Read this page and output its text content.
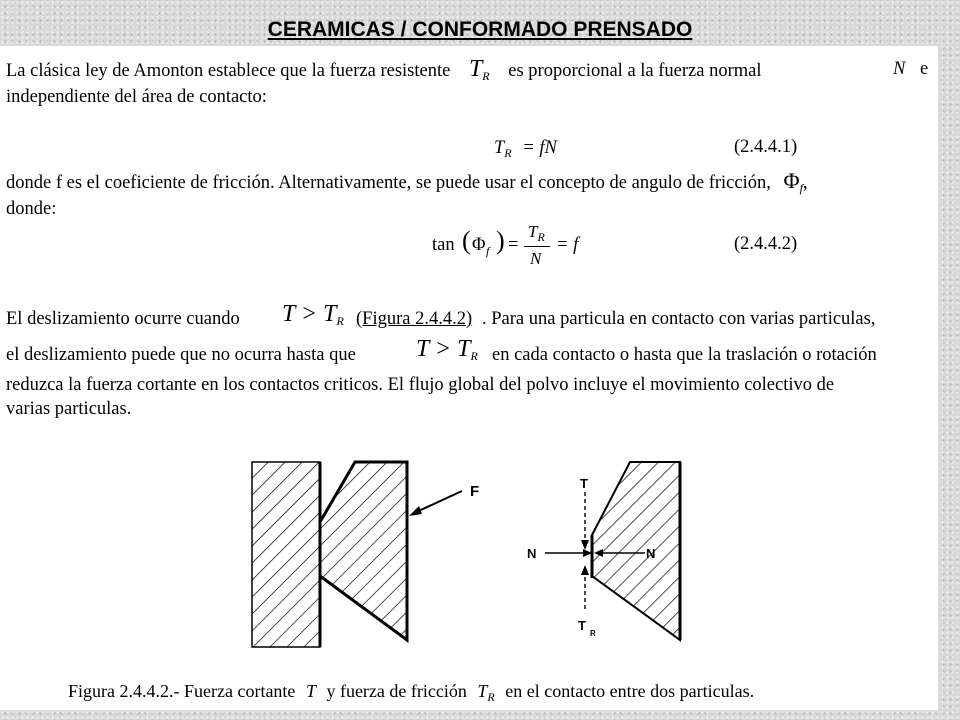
CERAMICAS / CONFORMADO PRENSADO
La clásica ley de Amonton establece que la fuerza resistente $T_R$ es proporcional a la fuerza normal	N e
independiente del área de contacto:
$T_R$ = fN	(2.4.4.1)
donde f es el coeficiente de fricción. Alternativamente, se puede usar el concepto de angulo de fricción, $\Phi_f$,
donde:
tan ( Φ f ) =
$T_R$
N
= f	(2.4.4.2)
El deslizamiento ocurre cuando $T > T_R$ (Figura 2.4.4.2) . Para una particula en contacto con varias particulas,
el deslizamiento puede que no ocurra hasta que	$T > T_R$ en cada contacto o hasta que la traslación o rotación
reduzca la fuerza cortante en los contactos criticos. El flujo global del polvo incluye el movimiento colectivo de
varias particulas.
F	T
T
R
N	N
Figura 2.4.4.2.- Fuerza cortante T y fuerza de fricción $T_R$ en el contacto entre dos particulas.
